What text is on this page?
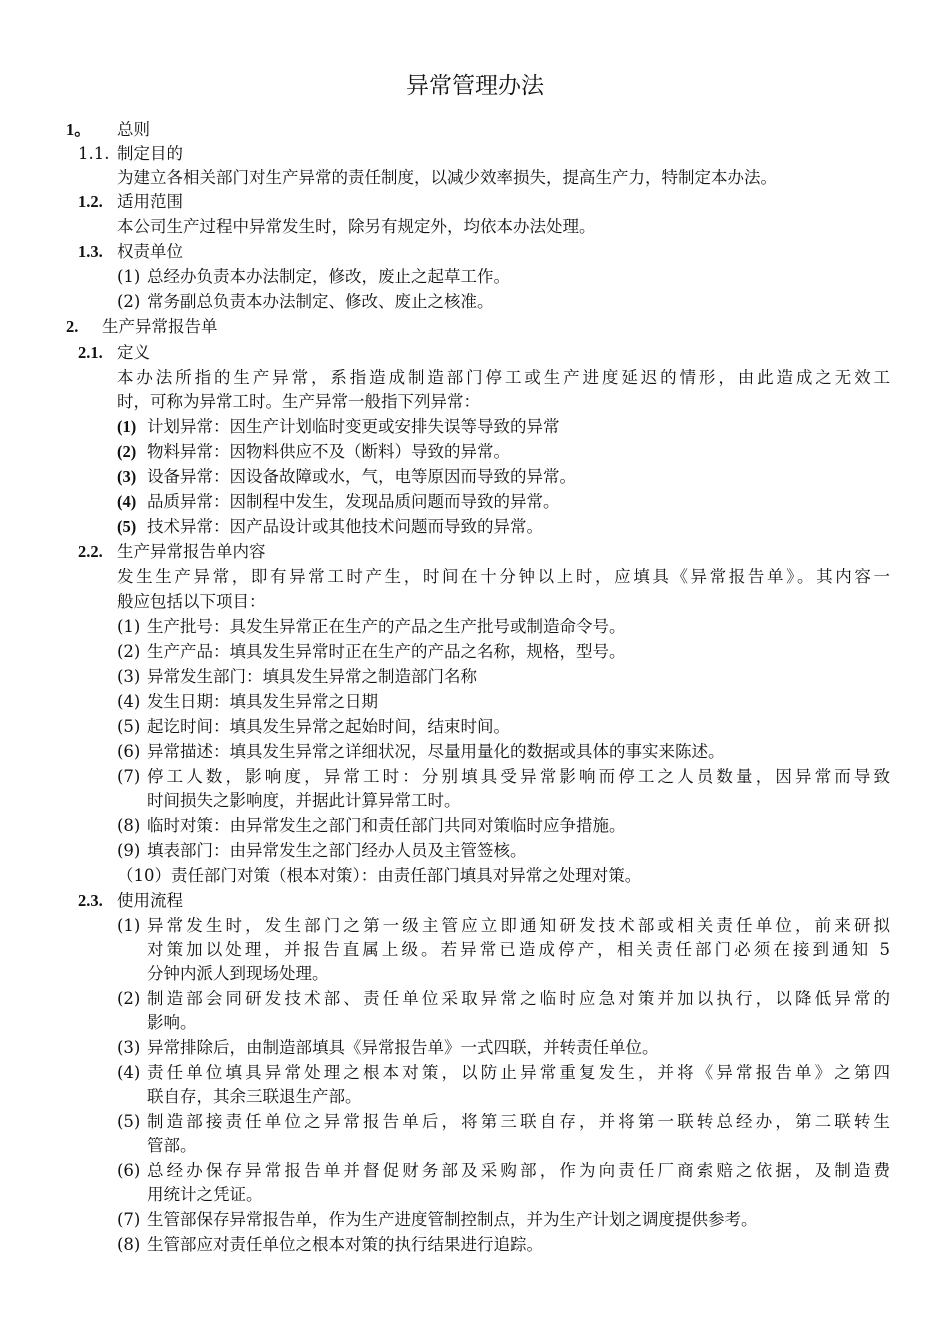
异常管理办法
1。 总则
1.1. 制定目的
为建立各相关部门对生产异常的责任制度，以减少效率损失，提高生产力，特制定本办法。
1.2. 适用范围
本公司生产过程中异常发生时，除另有规定外，均依本办法处理。
1.3. 权责单位
(1) 总经办负责本办法制定，修改，废止之起草工作。
(2) 常务副总负责本办法制定、修改、废止之核准。
2. 生产异常报告单
2.1. 定义
本办法所指的生产异常，系指造成制造部门停工或生产进度延迟的情形，由此造成之无效工
时，可称为异常工时。生产异常一般指下列异常：
(1) 计划异常：因生产计划临时变更或安排失误等导致的异常
(2) 物料异常：因物料供应不及（断料）导致的异常。
(3) 设备异常：因设备故障或水，气，电等原因而导致的异常。
(4) 品质异常：因制程中发生，发现品质问题而导致的异常。
(5) 技术异常：因产品设计或其他技术问题而导致的异常。
2.2. 生产异常报告单内容
发生生产异常，即有异常工时产生，时间在十分钟以上时，应填具《异常报告单》。其内容一
般应包括以下项目：
(1) 生产批号：具发生异常正在生产的产品之生产批号或制造命令号。
(2) 生产产品：填具发生异常时正在生产的产品之名称，规格，型号。
(3) 异常发生部门：填具发生异常之制造部门名称
(4) 发生日期：填具发生异常之日期
(5) 起讫时间：填具发生异常之起始时间，结束时间。
(6) 异常描述：填具发生异常之详细状况，尽量用量化的数据或具体的事实来陈述。
(7) 停工人数，影响度，异常工时：分别填具受异常影响而停工之人员数量，因异常而导致
时间损失之影响度，并据此计算异常工时。
(8) 临时对策：由异常发生之部门和责任部门共同对策临时应争措施。
(9) 填表部门：由异常发生之部门经办人员及主管签核。
（10）责任部门对策（根本对策）：由责任部门填具对异常之处理对策。
2.3. 使用流程
(1) 异常发生时，发生部门之第一级主管应立即通知研发技术部或相关责任单位，前来研拟
对策加以处理，并报告直属上级。若异常已造成停产，相关责任部门必须在接到通知 5
分钟内派人到现场处理。
(2) 制造部会同研发技术部、责任单位采取异常之临时应急对策并加以执行，以降低异常的
影响。
(3) 异常排除后，由制造部填具《异常报告单》一式四联，并转责任单位。
(4) 责任单位填具异常处理之根本对策，以防止异常重复发生，并将《异常报告单》之第四
联自存，其余三联退生产部。
(5) 制造部接责任单位之异常报告单后，将第三联自存，并将第一联转总经办，第二联转生
管部。
(6) 总经办保存异常报告单并督促财务部及采购部，作为向责任厂商索赔之依据，及制造费
用统计之凭证。
(7) 生管部保存异常报告单，作为生产进度管制控制点，并为生产计划之调度提供参考。
(8) 生管部应对责任单位之根本对策的执行结果进行追踪。
